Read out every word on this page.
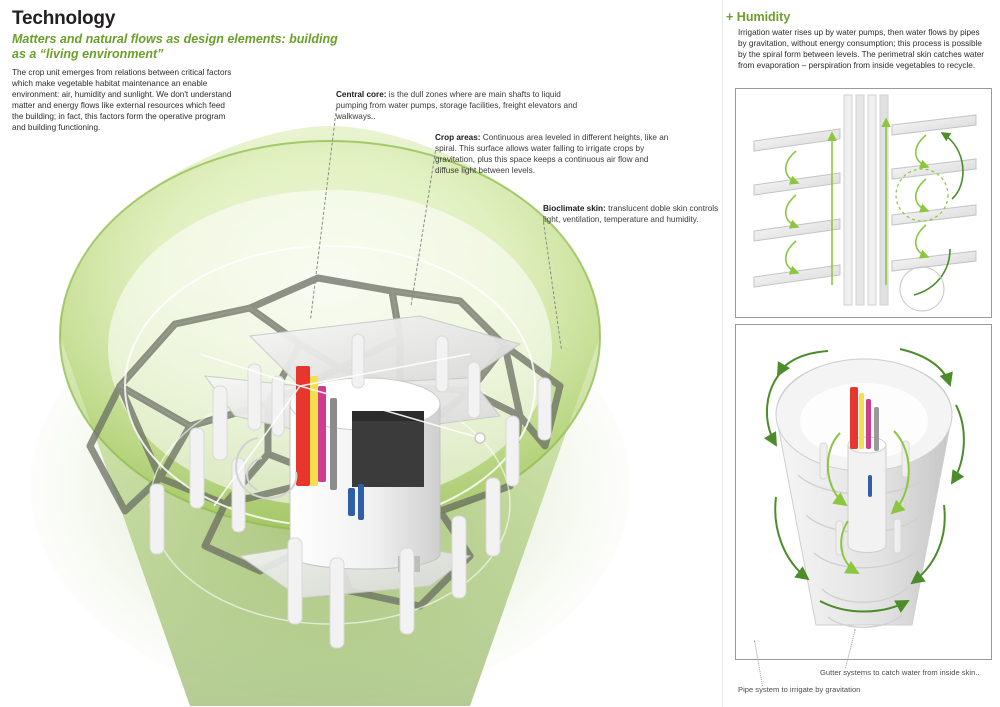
Technology
Matters and natural flows as design elements: building as a “living environment”
The crop unit emerges from relations between critical factors which make vegetable habitat maintenance an enable environment: air, humidity and sunlight. We don't understand matter and energy flows like external resources which feed the building; in fact, this factors form the operative program and building functioning.
Central core: is the dull zones where are main shafts to liquid pumping from water pumps, storage facilities, freight elevators and walkways..
Crop areas: Continuous area leveled in different heights, like an spiral. This surface allows water falling to irrigate crops by gravitation, plus this space keeps a continuous air flow and diffuse light between levels.
Bioclimate skin: translucent doble skin controls light, ventilation, temperature and humidity.
+ Humidity
Irrigation water rises up by water pumps, then water flows by pipes by gravitation, without energy consumption; this process is possible by the spiral form between levels. The perimetral skin catches water from evaporation – perspiration from inside vegetables to recycle.
Gutter systems to catch water from inside skin..
Pipe system to irrigate by gravitation
